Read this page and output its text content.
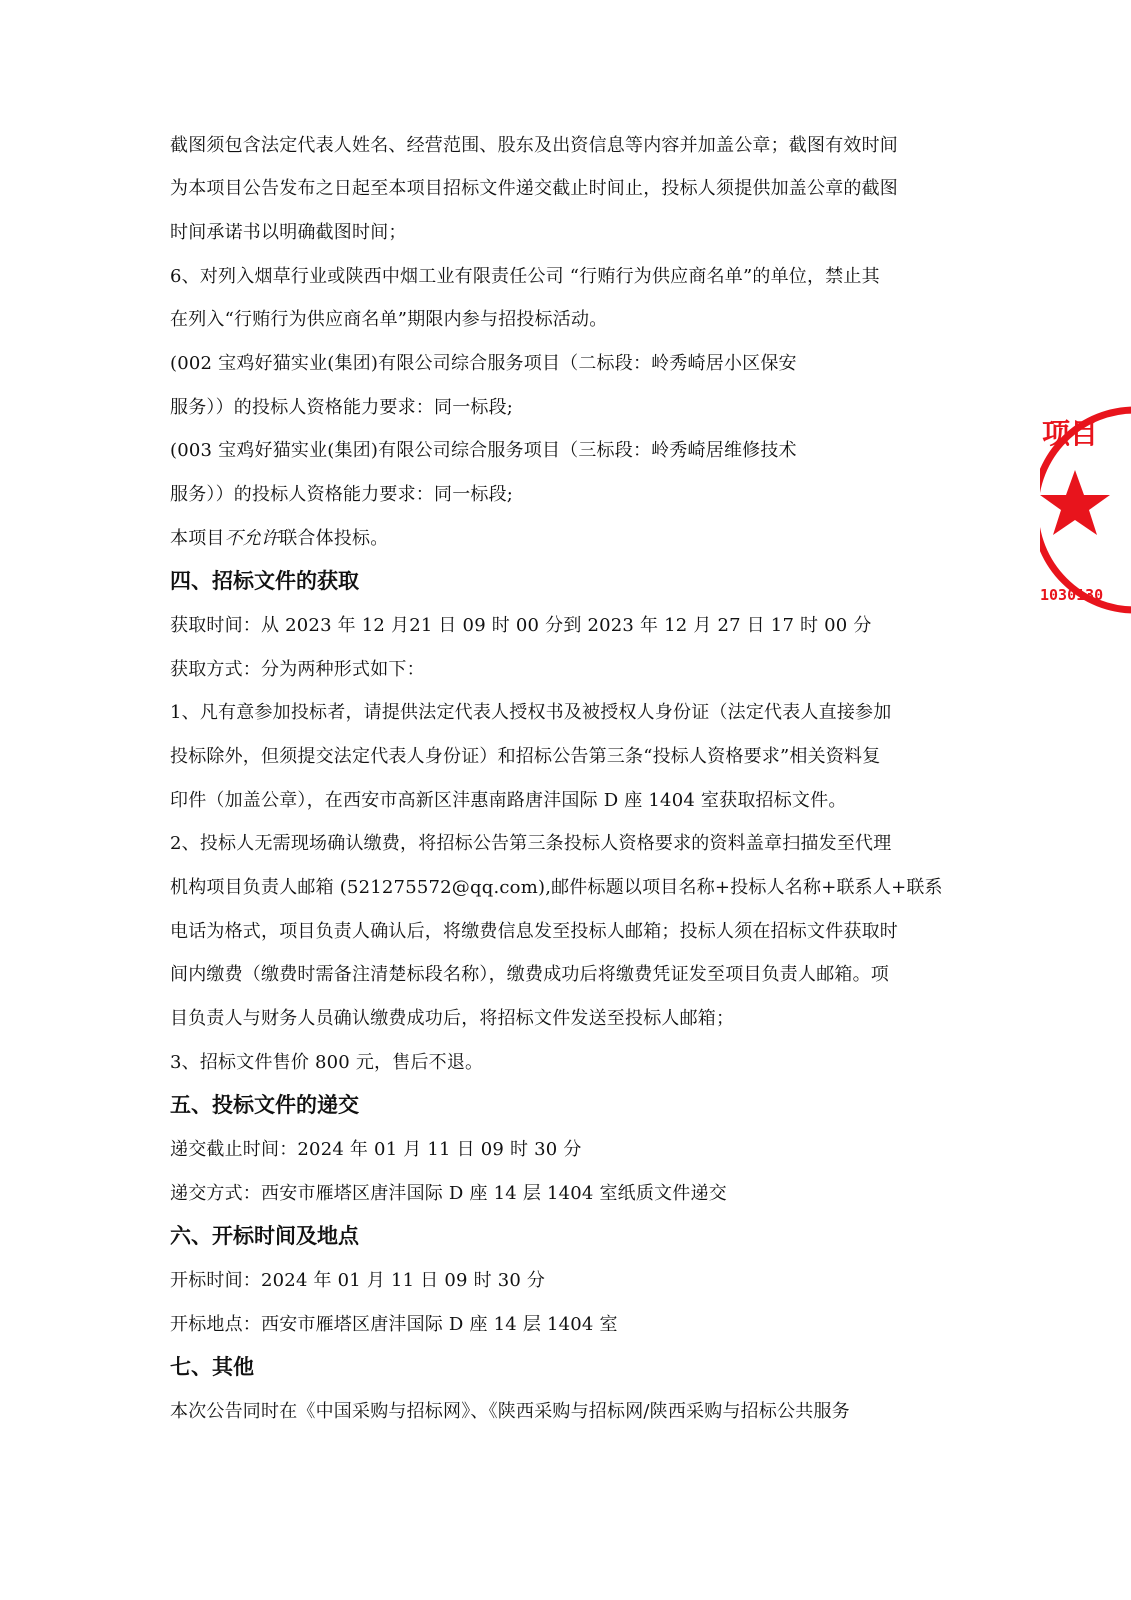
截图须包含法定代表人姓名、经营范围、股东及出资信息等内容并加盖公章；截图有效时间
为本项目公告发布之日起至本项目招标文件递交截止时间止，投标人须提供加盖公章的截图
时间承诺书以明确截图时间；
6、对列入烟草行业或陕西中烟工业有限责任公司 “行贿行为供应商名单”的单位，禁止其
在列入“行贿行为供应商名单”期限内参与招投标活动。
(002 宝鸡好猫实业(集团)有限公司综合服务项目（二标段：岭秀崎居小区保安
服务））的投标人资格能力要求：同一标段;
(003 宝鸡好猫实业(集团)有限公司综合服务项目（三标段：岭秀崎居维修技术
服务））的投标人资格能力要求：同一标段;
本项目不允许联合体投标。
四、招标文件的获取
获取时间：从 2023 年 12 月21 日 09 时 00 分到 2023 年 12 月 27 日 17 时 00 分
获取方式：分为两种形式如下：
1、凡有意参加投标者，请提供法定代表人授权书及被授权人身份证（法定代表人直接参加
投标除外，但须提交法定代表人身份证）和招标公告第三条“投标人资格要求”相关资料复
印件（加盖公章），在西安市高新区沣惠南路唐沣国际 D 座 1404 室获取招标文件。
2、投标人无需现场确认缴费，将招标公告第三条投标人资格要求的资料盖章扫描发至代理
机构项目负责人邮箱 (521275572@qq.com),邮件标题以项目名称+投标人名称+联系人+联系
电话为格式，项目负责人确认后，将缴费信息发至投标人邮箱；投标人须在招标文件获取时
间内缴费（缴费时需备注清楚标段名称），缴费成功后将缴费凭证发至项目负责人邮箱。项
目负责人与财务人员确认缴费成功后，将招标文件发送至投标人邮箱；
3、招标文件售价 800 元，售后不退。
五、投标文件的递交
递交截止时间：2024 年 01 月 11 日 09 时 30 分
递交方式：西安市雁塔区唐沣国际 D 座 14 层 1404 室纸质文件递交
六、开标时间及地点
开标时间：2024 年 01 月 11 日 09 时 30 分
开标地点：西安市雁塔区唐沣国际 D 座 14 层 1404 室
七、其他
本次公告同时在《中国采购与招标网》、《陕西采购与招标网/陕西采购与招标公共服务
项目
1030130
